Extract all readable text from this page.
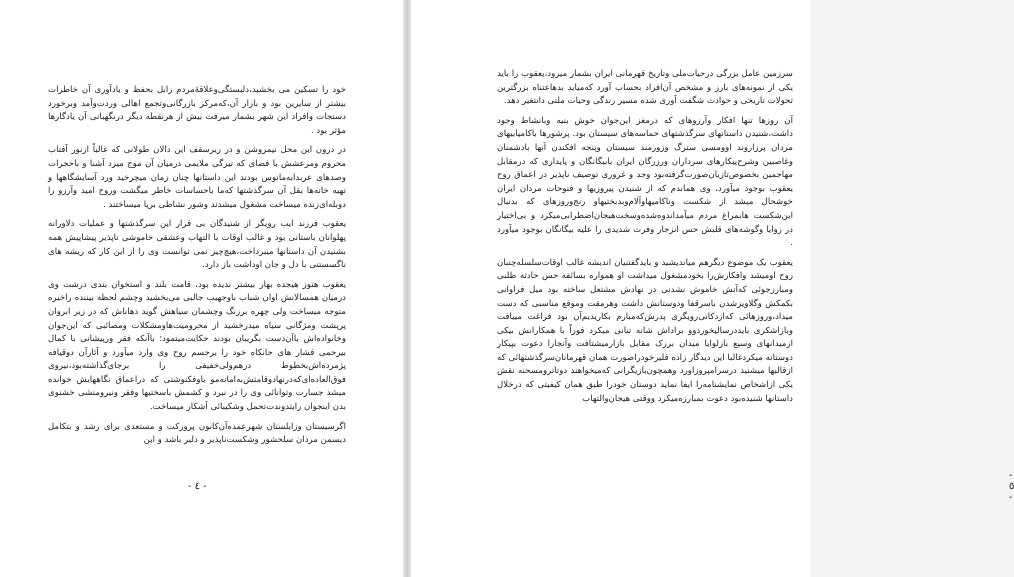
خود را تسکین می بخشید،دلبستگی‌وعلاقۀمردم زابل بحفظ و یادآوری آن خاطرات بیشتر از سایرین بود و بازار آن،که‌مرکز بازرگانی‌وتجمع اهالی وردت‌وآمد وبرخورد دستجات وافراد این شهر بشمار میرفت بیش از هرنقطه دیگر درنگهبانی آن یادگارها مؤثر بود .

در درون این محل نیمروشن و در زیرسقف این دالان طولانی که غالباً ازنور آفتاب محروم ومرعشش با فضای که تیرگی ملایمی درمیان آن موج میزد آشنا و باحجرات وصدهای عربدابه‌مانوس بودند این داستانها چنان زمان میچرخید ورد آسایشگاهها و تهیه خانه‌ها بقل آن سرگذشتها که‌ما باحساسات خاطر میگشت وروح امید وآرزو را دوبله‌ای‌زنده میساخت مشغول میشدند وشور نشاطی برپا میساختند .

یعقوب فرزند ایب رویگر از شنیدگان بی قرار این سرگذشتها و عملیات دلاورانه پهلوانان باستانی بود و غالب اوقات با التهاب وعشقی خاموشی ناپذیر پیشاپیش همه بشنیدن آن داستانها میبرداخت،هیچ‌چیز نمی توانست وی را از این کار که ریشه های ناگسستنی با دل و جان اوداشت باز دارد.

یعقوب هنوز هیجده بهار بیشتر ندیده بود، قامت بلند و استخوان بندی درشت وی درمیان همسالانش اوان شباب باوجهیب جالبی می‌بخشید وچشم لحظه بیننده راخیره متوجه میساخت ولی چهره برزنگ وچشمان سیاهش گوید دهاناش که در زیر ابروان پرپشت ومژگانی سیاه میدرخشید از محرومیت‌هاومشکلات ومصائبی که این‌جوان وخانواده‌اش باآن‌دست بگریبان بودند حکایت‌میتمود؛ باآنکه فقر ورپیشانی با کمال بیرحمی فشار های جانکاه خود را برجسم روح وی وارد میآورد و آثارآن دوقیافه پژمرده‌اش‌بخطوط درهم‌ولی‌خفیفی را برجای‌گذاشته‌بود،نیروی فوق‌العاده‌ای‌که‌درنهادوقامتش‌به‌اما‌نه‌مو باوفکنوشتی که دراعماق نگاههایش خوانده میشد جسارت وتوانائی وی را در نبرد و کشمش باسختیها وفقر ونیرو‌منشی خشنوی بدن اینجوان رابتدوندت‌تحمل وشکیبائی آشکار میساخت.

اگرسیستان وزابلستان شهرعمده‌آن‌کانون پرورکت و مستعدی برای رشد و بتکامل دیسمن مردان سلحشور وشکست‌ناپذیر و دلیر باشد و این

- ٤ -

سرزمین عامل بزرگی درحیات‌ملی وتاریخ قهرمانی ایران بشمار میرود،یعقوب را باید یکی از نمونه‌های بارز و مشخص آن‌افراد بحساب آورد که‌میاید بدهاعتناه بزرگترین تحولات تاریخی و حوادث شگفت آوری شده مسیر زندگی وحیات ملتی دانتغیر دهد.

آن روزها تنها افکار وآرزوهای که درمغز این‌جوان خوش بنیه وبانشاط وجود داشت،شنیدن داستانهای سرگذشتهای حماسه‌های سیستان بود. پرشورها باکامیابیهای مردان پرزاروند اوومسی سترگ وزورمند سیستان وپنجه افکندن آنها بادشمنان وغاصبین وشرح‌پیکارهای سرداران ورزرگان ایران بابیگانگان و پایداری که درمقابل مهاجمین بخصوص‌تازیان‌صورت‌گرفته‌بود وجد و غروری توصیف ناپذیر در اعماق روح یعقوب بوجود میآورد، وی هماندم که از شنیدن پیروزیها و فتوحات مردان ایران خوشحال میشد از شکست وناکامیهاوآلام‌وبدبختیهاو رنج‌وروزهای که بدنبال این‌شکست هابمراغ مردم میآمداندوه‌شده‌وسخت‌هیجان‌اضطرابی‌میکرد و بی‌اختیار در زوایا وگوشه‌های قلبش حس انزجار وفرت شدیدی را علیه بیگانگان بوجود میآورد .

یعقوب یک موضوع دیگرهم میاندیشید و بایدگفتنیان اندیشه غالب اوقات‌سلسله‌چنبان روح اومیشد وافکارش‌را بخودمشغول میداشت او همواره بسائقه حس حادثه طلبی ومبارزجوئی که‌آتش خاموش نشدنی در نهادش مشتعل ساخته بود میل فراوانی بکمکش وگلاویزشدن باسرقفا ودوستانش داشت وهرمقت وموقع مناسبی که دست میداد،وروزهائی که‌ازدکانی‌رویگری پدرش‌که‌مبارم بکاریدیم‌آن بود فراغت مییافت وبازاشکری بایددرسالیخوردوو براداش شانه تنانی میکرد فوراً با همکارانش بیکی ازمیدانهای وسیع بازلوایا میدان برزک مقابل بازارمیشتافت وآنجارا دعوت بپیکار دوستانه میکردغالبا این دیدگار زاده قلیرخودراصورت همان قهرمانان‌سرگذشتهائی که ازقالبها میشنید درسرامپروزاورد وهمچون‌بازیگرانی که‌میخواهند دوتاترومسحنه نقش یکی ازاشخاص نمایشنامه‌را ایفا نماید دوستان خودرا طبق همان کیفیتی که درخلال داستانها شنیده‌بود دعوت بمبارزه‌میکرد ووقتی هیجان‌والتهاب

- ٥ -
